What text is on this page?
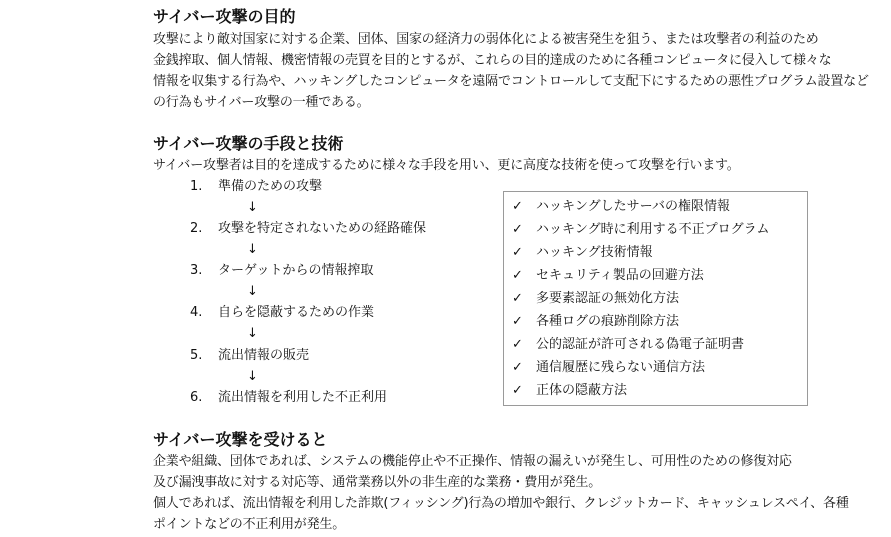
サイバー攻撃の目的
攻撃により敵対国家に対する企業、団体、国家の経済力の弱体化による被害発生を狙う、または攻撃者の利益のため
金銭搾取、個人情報、機密情報の売買を目的とするが、これらの目的達成のために各種コンピュータに侵入して様々な
情報を収集する行為や、ハッキングしたコンピュータを遠隔でコントロールして支配下にするための悪性プログラム設置など
の行為もサイバー攻撃の一種である。
サイバー攻撃の手段と技術
サイバー攻撃者は目的を達成するために様々な手段を用い、更に高度な技術を使って攻撃を行います。
1. 準備のための攻撃
↓
2. 攻撃を特定されないための経路確保
↓
3. ターゲットからの情報搾取
↓
4. 自らを隠蔽するための作業
↓
5. 流出情報の販売
↓
6. 流出情報を利用した不正利用
✓ ハッキングしたサーバの権限情報
✓ ハッキング時に利用する不正プログラム
✓ ハッキング技術情報
✓ セキュリティ製品の回避方法
✓ 多要素認証の無効化方法
✓ 各種ログの痕跡削除方法
✓ 公的認証が許可される偽電子証明書
✓ 通信履歴に残らない通信方法
✓ 正体の隠蔽方法
サイバー攻撃を受けると
企業や組織、団体であれば、システムの機能停止や不正操作、情報の漏えいが発生し、可用性のための修復対応
及び漏洩事故に対する対応等、通常業務以外の非生産的な業務・費用が発生。
個人であれば、流出情報を利用した詐欺(フィッシング)行為の増加や銀行、クレジットカード、キャッシュレスペイ、各種
ポイントなどの不正利用が発生。
